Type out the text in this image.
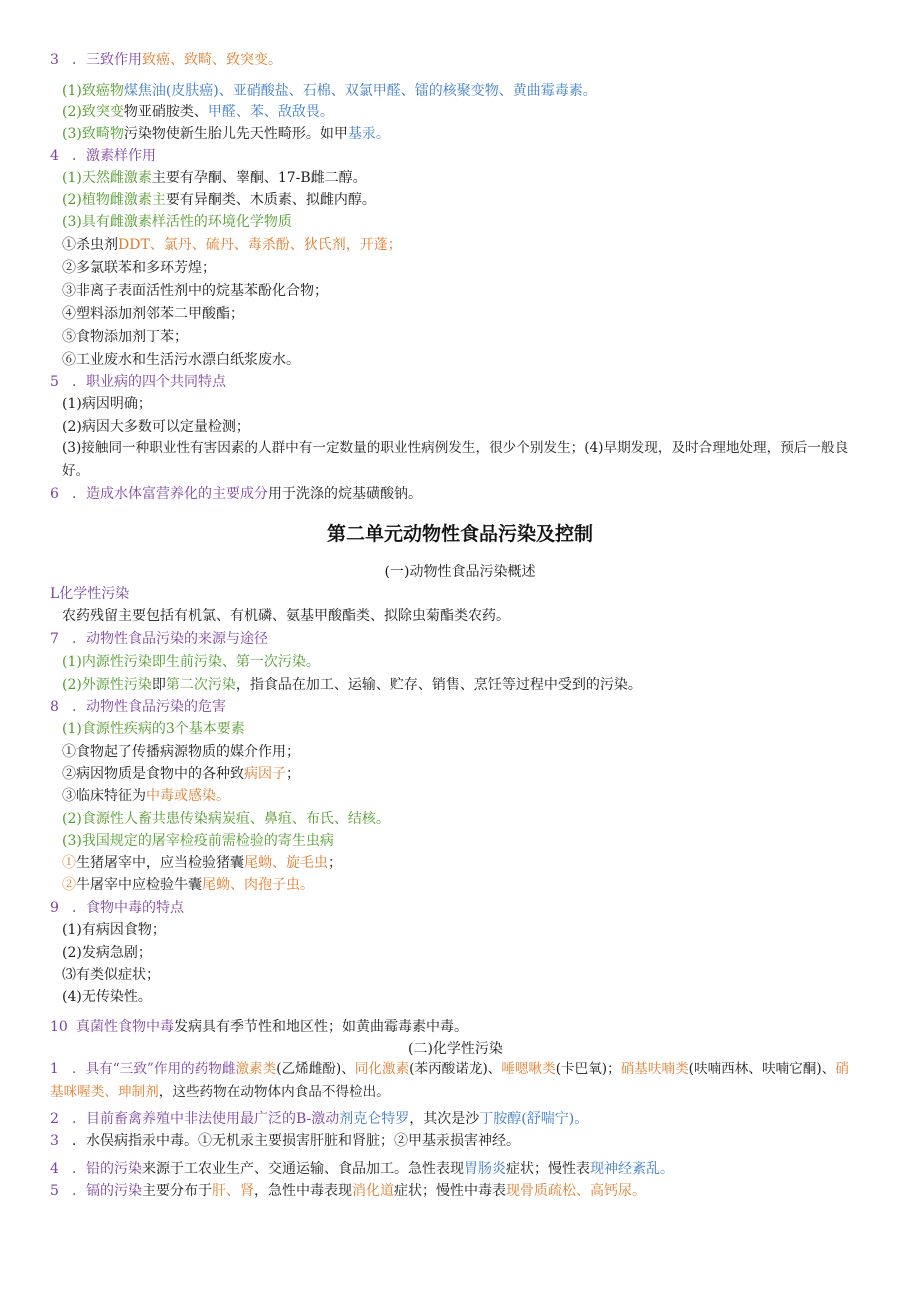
3 ．三致作用致癌、致畸、致突变。
(1)致癌物煤焦油(皮肤癌)、亚硝酸盐、石棉、双氯甲醛、镭的核聚变物、黄曲霉毒素。
(2)致突变物亚硝胺类、甲醛、苯、敌敌畏。
(3)致畸物污染物使新生胎儿先天性畸形。如甲基汞。
4 ．激素样作用
(1)天然雌激素主要有孕酮、睾酮、17-B雌二醇。
(2)植物雌激素主要有异酮类、木质素、拟雌内醇。
(3)具有雌激素样活性的环境化学物质
①杀虫剂DDT、氯丹、硫丹、毒杀酚、狄氏剂，开蓬；
②多氯联苯和多环芳煌；
③非离子表面活性剂中的烷基苯酚化合物；
④塑料添加剂邻苯二甲酸酯；
⑤食物添加剂丁苯；
⑥工业废水和生活污水漂白纸浆废水。
5 ．职业病的四个共同特点
(1)病因明确；
(2)病因大多数可以定量检测；
(3)接触同一种职业性有害因素的人群中有一定数量的职业性病例发生，很少个别发生；(4)早期发现，及时合理地处理，预后一般良好。
6 ．造成水体富营养化的主要成分用于洗涤的烷基磺酸钠。
第二单元动物性食品污染及控制
(一)动物性食品污染概述
L化学性污染
农药残留主要包括有机氯、有机磷、氨基甲酸酯类、拟除虫菊酯类农药。
7 ．动物性食品污染的来源与途径
(1)内源性污染即生前污染、第一次污染。
(2)外源性污染即第二次污染，指食品在加工、运输、贮存、销售、烹饪等过程中受到的污染。
8 ．动物性食品污染的危害
(1)食源性疾病的3个基本要素
①食物起了传播病源物质的媒介作用；
②病因物质是食物中的各种致病因子；
③临床特征为中毒或感染。
(2)食源性人畜共患传染病炭疽、鼻疽、布氏、结核。
(3)我国规定的屠宰检疫前需检验的寄生虫病
①生猪屠宰中，应当检验猪囊尾蚴、旋毛虫；
②牛屠宰中应检验牛囊尾蚴、肉孢子虫。
9 ．食物中毒的特点
(1)有病因食物；
(2)发病急剧；
⑶有类似症状；
(4)无传染性。
10 真菌性食物中毒发病具有季节性和地区性；如黄曲霉毒素中毒。
(二)化学性污染
1 ．具有“三致”作用的药物雌激素类(乙烯雌酚)、同化激素(苯丙酸诺龙)、唾嗯啾类(卡巴氧)；硝基呋喃类(呋喃西林、呋喃它酮)、硝基咪喔类、珅制剂，这些药物在动物体内食品不得检出。
2 ．目前畜禽养殖中非法使用最广泛的B-激动剂克仑特罗，其次是沙丁胺醇(舒喘宁)。
3 ．水俣病指汞中毒。①无机汞主要损害肝脏和肾脏；②甲基汞损害神经。
4 ．铅的污染来源于工农业生产、交通运输、食品加工。急性表现胃肠炎症状；慢性表现神经紊乱。
5 ．镉的污染主要分布于肝、肾，急性中毒表现消化道症状；慢性中毒表现骨质疏松、高钙尿。
